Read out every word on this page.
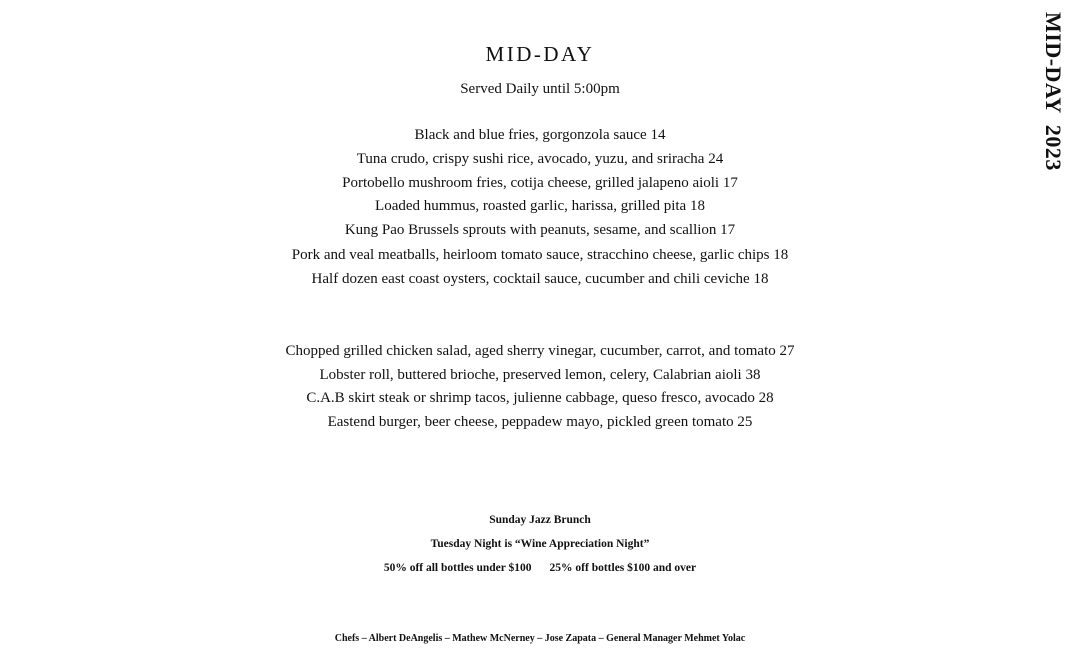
MID-DAY
Served Daily until 5:00pm	MID-DAY  2023
Black and blue fries, gorgonzola sauce 14
Tuna crudo, crispy sushi rice, avocado, yuzu, and sriracha 24
Portobello mushroom fries, cotija cheese, grilled jalapeno aioli 17
Loaded hummus, roasted garlic, harissa, grilled pita 18
Kung Pao Brussels sprouts with peanuts, sesame, and scallion 17
Pork and veal meatballs, heirloom tomato sauce, stracchino cheese, garlic chips 18
Half dozen east coast oysters, cocktail sauce, cucumber and chili ceviche 18
Chopped grilled chicken salad, aged sherry vinegar, cucumber, carrot, and tomato 27
Lobster roll, buttered brioche, preserved lemon, celery, Calabrian aioli 38
C.A.B skirt steak or shrimp tacos, julienne cabbage, queso fresco, avocado 28
Eastend burger, beer cheese, peppadew mayo, pickled green tomato 25
Sunday Jazz Brunch
Tuesday Night is “Wine Appreciation Night”
50% off all bottles under $100 25% off bottles $100 and over
Chefs – Albert DeAngelis – Mathew McNerney – Jose Zapata – General Manager Mehmet Yolac
